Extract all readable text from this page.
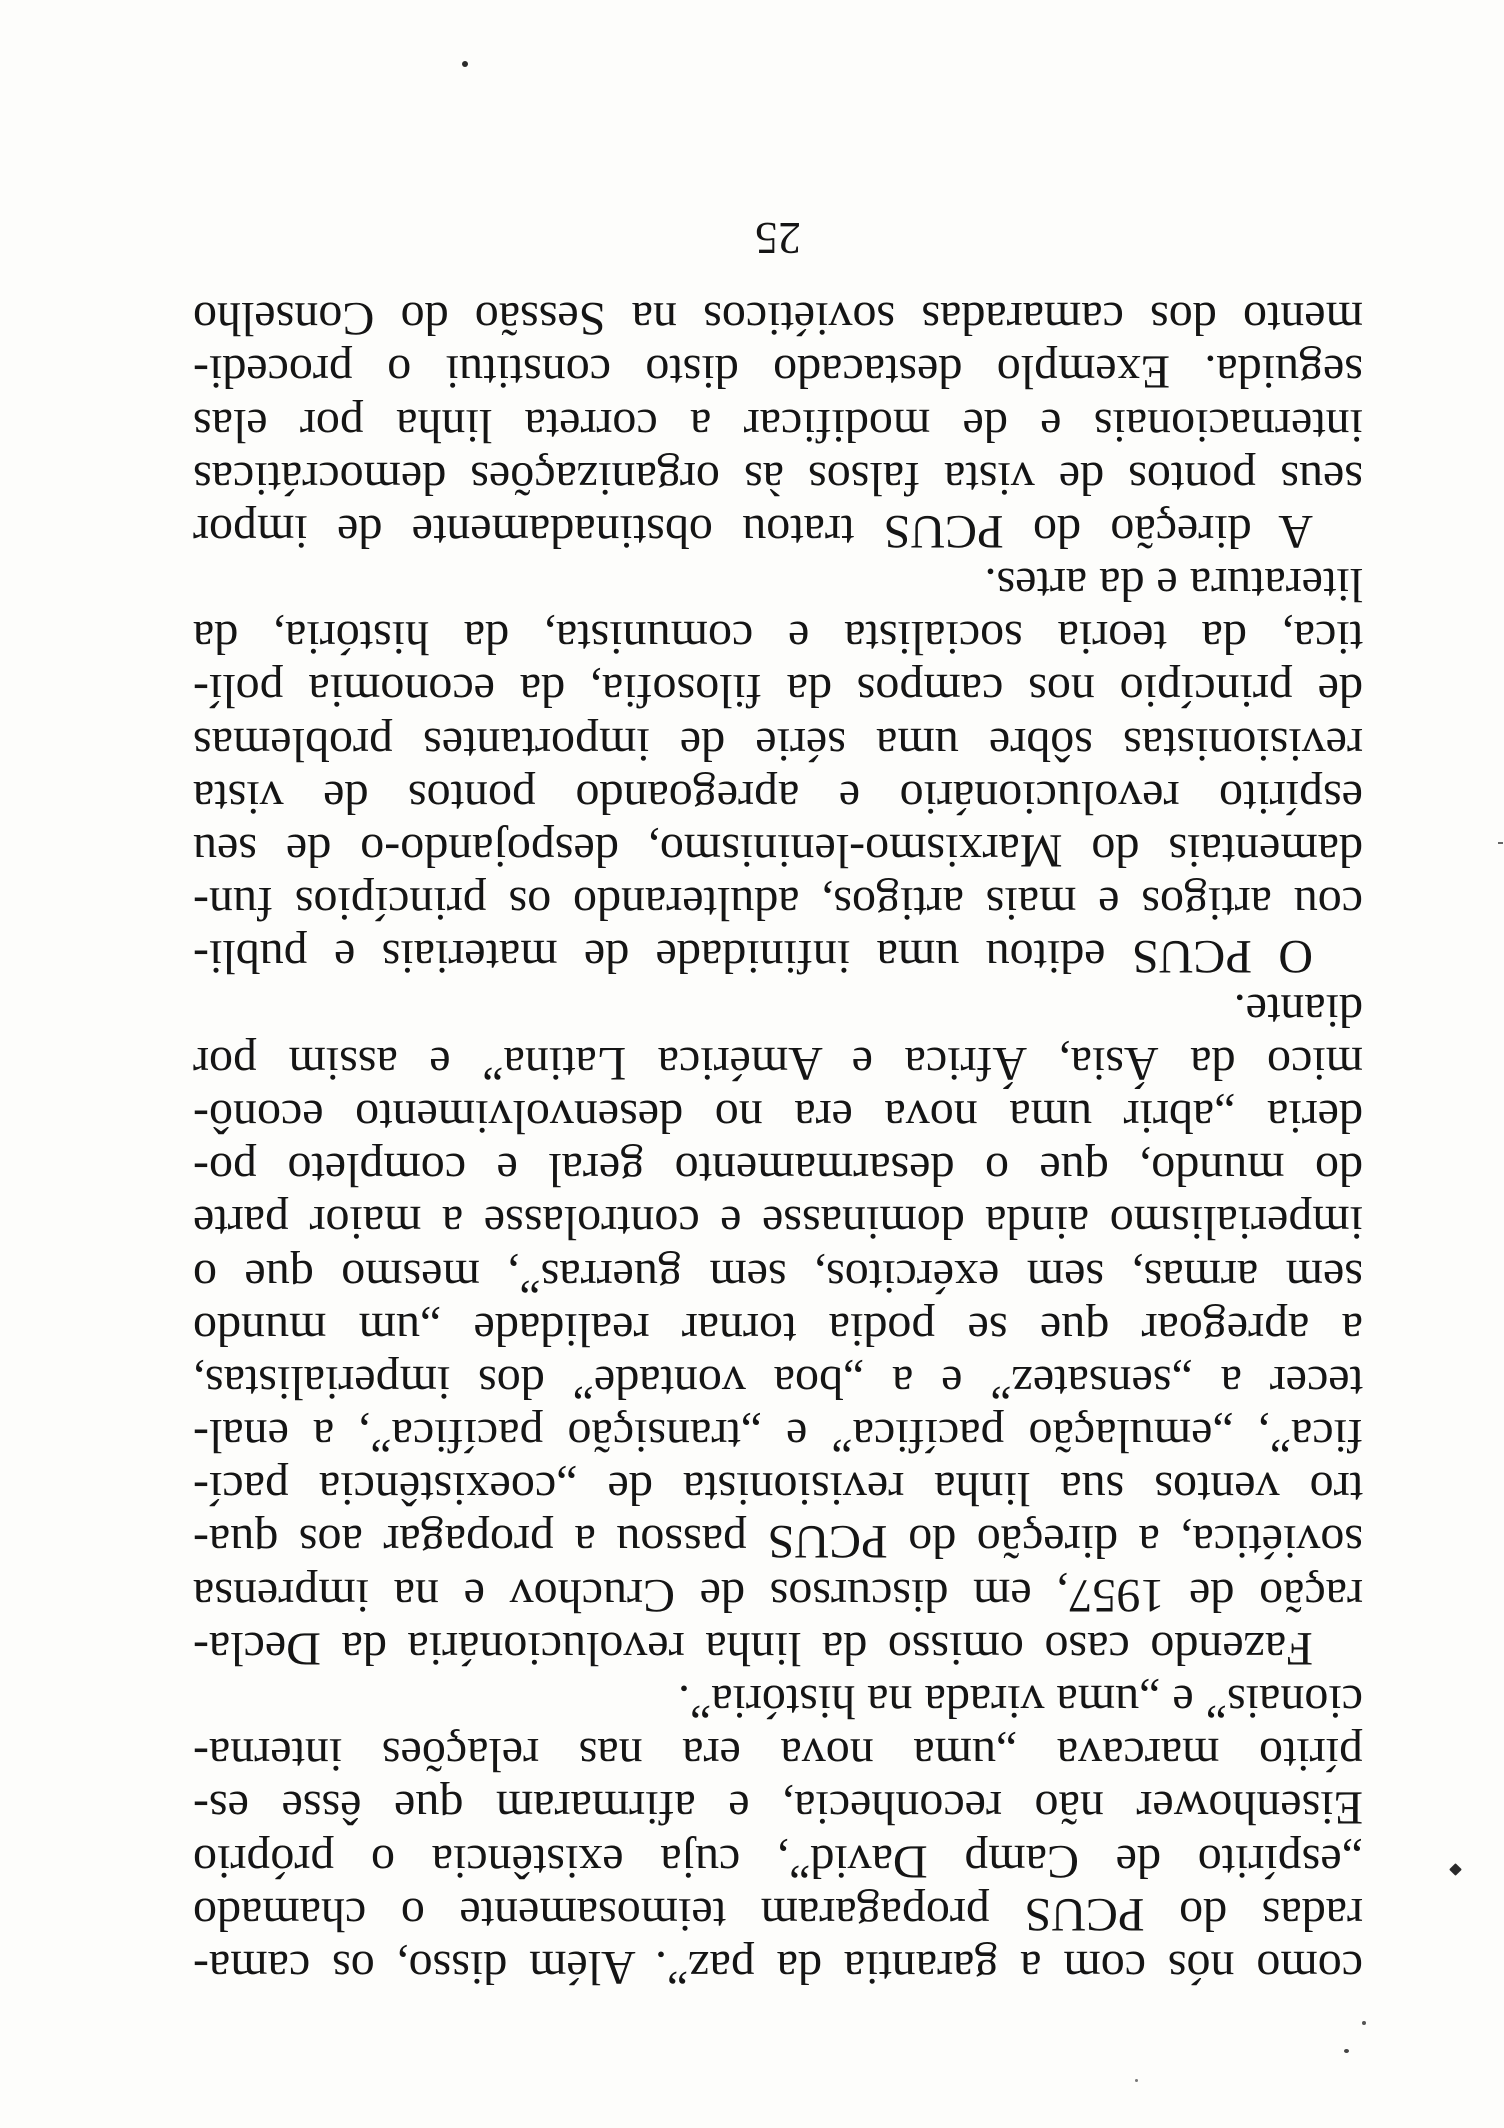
como nós com a garantia da paz”. Além disso, os cama-
radas do PCUS propagaram teimosamente o chamado
„espírito de Camp David”, cuja existência o próprio
Eisenhower não reconhecia, e afirmaram que êsse es-
pírito marcava „uma nova era nas relações interna-
cionais” e „uma virada na história”.
Fazendo caso omisso da linha revolucionária da Decla-
ração de 1957, em discursos de Cruchov e na imprensa
soviética, a direção do PCUS passou a propagar aos qua-
tro ventos sua linha revisionista de „coexistência pací-
fica”, „emulação pacífica” e „transição pacífica”, a enal-
tecer a „sensatez” e a „boa vontade” dos imperialistas,
a apregoar que se podia tornar realidade „um mundo
sem armas, sem exércitos, sem guerras”, mesmo que o
imperialismo ainda dominasse e controlasse a maior parte
do mundo, que o desarmamento geral e completo po-
deria „abrir uma nova era no desenvolvimento econô-
mico da Ásia, África e América Latina” e assim por
diante.
O PCUS editou uma infinidade de materiais e publi-
cou artigos e mais artigos, adulterando os princípios fun-
damentais do Marxismo-leninismo, despojando-o de seu
espírito revolucionário e apregoando pontos de vista
revisionistas sôbre uma série de importantes problemas
de princípio nos campos da filosofia, da economia polí-
tica, da teoria socialista e comunista, da história, da
literatura e da artes.
A direção do PCUS tratou obstinadamente de impor
seus pontos de vista falsos às organizações democráticas
internacionais e de modificar a correta linha por elas
seguida. Exemplo destacado disto constitui o procedi-
mento dos camaradas soviéticos na Sessão do Conselho
25
